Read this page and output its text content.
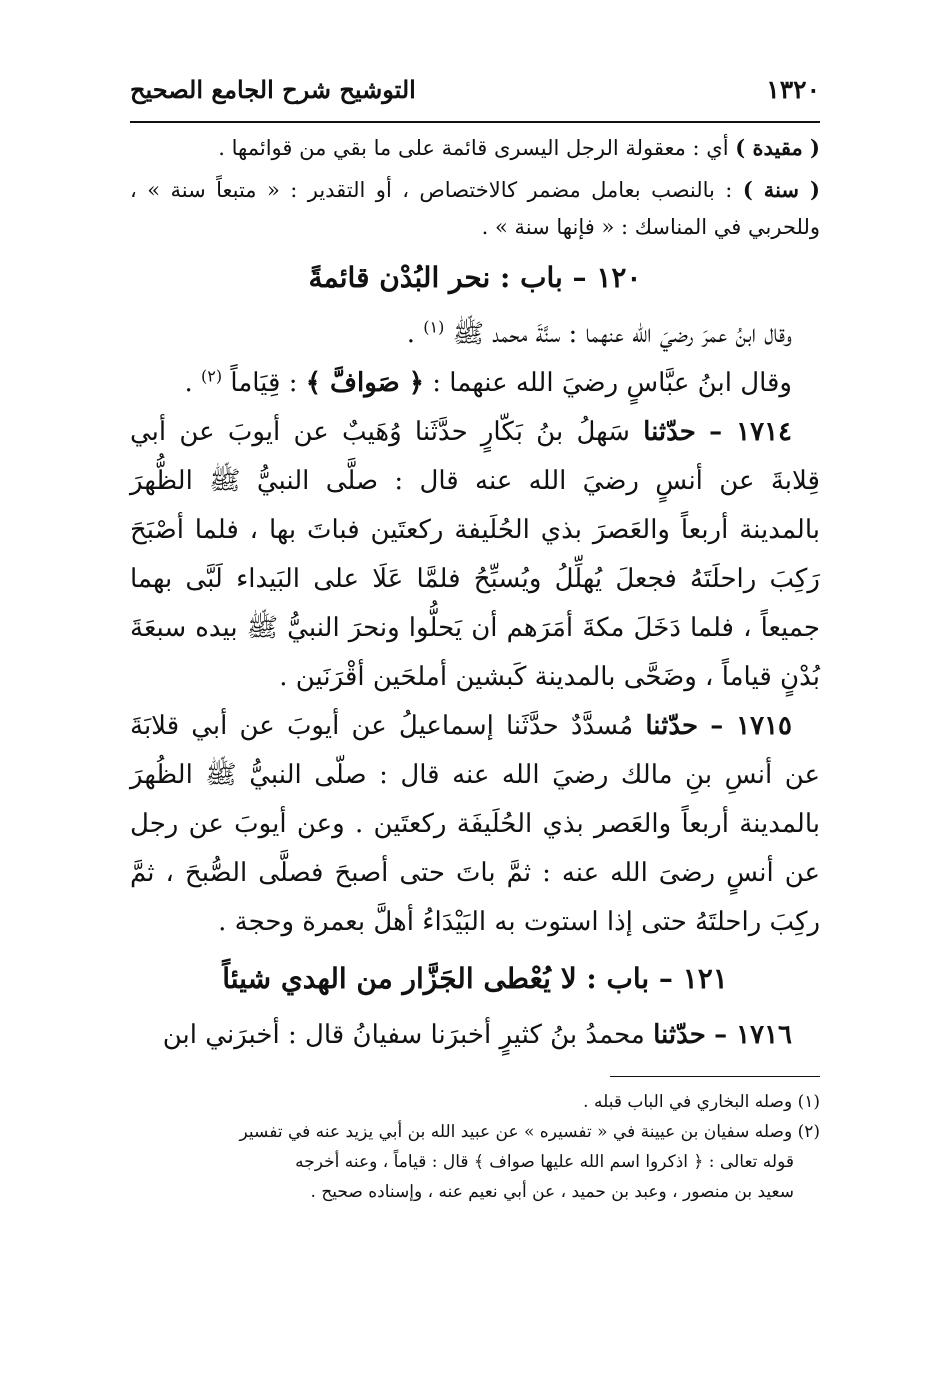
١٣٢٠
التوشيح شرح الجامع الصحيح

( مقيدة ) أي : معقولة الرجل اليسرى قائمة على ما بقي من قوائمها .

( سنة ) : بالنصب بعامل مضمر كالاختصاص ، أو التقدير : « متبعاً سنة » ، وللحربي في المناسك : « فإنها سنة » .

١٢٠ – باب : نحر البُدْن قائمةً

وقال ابنُ عمرَ رضيَ الله عنهما : سنَّةَ محمد ﷺ $^{(١)}$ .

وقال ابنُ عبَّاسٍ رضيَ الله عنهما : ﴿ صَوافَّ ﴾ : قِيَاماً $^{(٢)}$ .

١٧١٤ – حدّثنا سَهلُ بنُ بَكّارٍ حدَّثَنا وُهَيبٌ عن أيوبَ عن أبي قِلابةَ عن أنسٍ رضيَ الله عنه قال : صلَّى النبيُّ ﷺ الظُّهرَ بالمدينة أربعاً والعَصرَ بذي الحُلَيفة ركعتَين فباتَ بها ، فلما أصْبَحَ رَكِبَ راحلَتَهُ فجعلَ يُهلِّلُ ويُسبِّحُ فلمَّا عَلَا على البَيداء لَبَّى بهما جميعاً ، فلما دَخَلَ مكةَ أمَرَهم أن يَحلُّوا ونحرَ النبيُّ ﷺ بيده سبعَةَ بُدْنٍ قياماً ، وضَحَّى بالمدينة كَبشين أملحَين أقْرَنَين .

١٧١٥ – حدّثنا مُسدَّدٌ حدَّثَنا إسماعيلُ عن أيوبَ عن أبي قلابَةَ عن أنسِ بنِ مالك رضيَ الله عنه قال : صلّى النبيُّ ﷺ الظُهرَ بالمدينة أربعاً والعَصر بذي الحُلَيفَة ركعتَين . وعن أيوبَ عن رجل عن أنسٍ رضىَ الله عنه : ثمَّ باتَ حتى أصبحَ فصلَّى الصُّبحَ ، ثمَّ ركِبَ راحلتَهُ حتى إذا استوت به البَيْدَاءُ أهلَّ بعمرة وحجة .

١٢١ – باب : لا يُعْطى الجَزَّار من الهدي شيئاً

١٧١٦ – حدّثنا محمدُ بنُ كثيرٍ أخبرَنا سفيانُ قال : أخبرَني ابن

(١) وصله البخاري في الباب قبله .

(٢) وصله سفيان بن عيينة في « تفسيره » عن عبيد الله بن أبي يزيد عنه في تفسير

قوله تعالى : ﴿ اذكروا اسم الله عليها صواف ﴾ قال : قياماً ، وعنه أخرجه

سعيد بن منصور ، وعبد بن حميد ، عن أبي نعيم عنه ، وإسناده صحيح .
